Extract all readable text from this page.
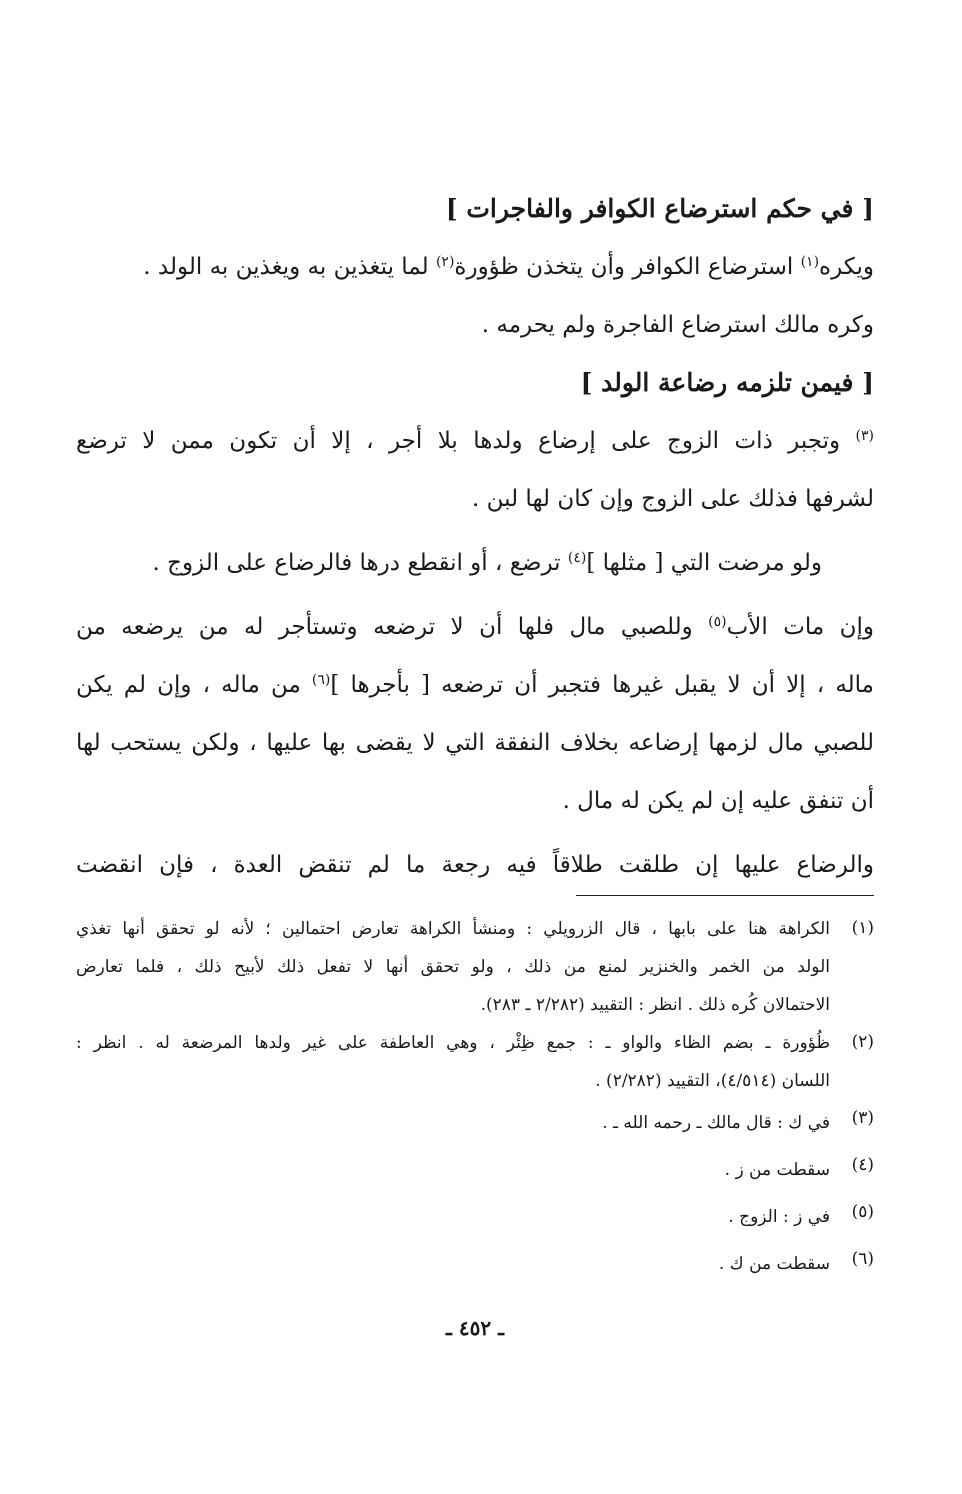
[ في حكم استرضاع الكوافر والفاجرات ]
ويكره$^{(١)}$ استرضاع الكوافر وأن يتخذن ظؤورة$^{(٢)}$ لما يتغذين به ويغذين به الولد .
وكره مالك استرضاع الفاجرة ولم يحرمه .
[ فيمن تلزمه رضاعة الولد ]
$^{(٣)}$ وتجبر ذات الزوج على إرضاع ولدها بلا أجر ، إلا أن تكون ممن لا ترضع
لشرفها فذلك على الزوج وإن كان لها لبن .
ولو مرضت التي [ مثلها ]$^{(٤)}$ ترضع ، أو انقطع درها فالرضاع على الزوج .
وإن مات الأب$^{(٥)}$ وللصبي مال فلها أن لا ترضعه وتستأجر له من يرضعه من
ماله ، إلا أن لا يقبل غيرها فتجبر أن ترضعه [ بأجرها ]$^{(٦)}$ من ماله ، وإن لم يكن
للصبي مال لزمها إرضاعه بخلاف النفقة التي لا يقضى بها عليها ، ولكن يستحب لها
أن تنفق عليه إن لم يكن له مال .
والرضاع عليها إن طلقت طلاقاً فيه رجعة ما لم تنقض العدة ، فإن انقضت
(١)
الكراهة هنا على بابها ، قال الزرويلي : ومنشأ الكراهة تعارض احتمالين ؛ لأنه لو تحقق أنها تغذي
الولد من الخمر والخنزير لمنع من ذلك ، ولو تحقق أنها لا تفعل ذلك لأبيح ذلك ، فلما تعارض
الاحتمالان كُره ذلك . انظر : التقييد (٢/٢٨٢ ـ ٢٨٣).
(٢)
ظُؤورة ـ بضم الظاء والواو ـ : جمع ظِئْر ، وهي العاطفة على غير ولدها المرضعة له . انظر :
اللسان (٤/٥١٤)، التقييد (٢/٢٨٢) .
(٣)
في ك : قال مالك ـ رحمه الله ـ .
(٤)
سقطت من ز .
(٥)
في ز : الزوج .
(٦)
سقطت من ك .
ـ ٤٥٢ ـ
